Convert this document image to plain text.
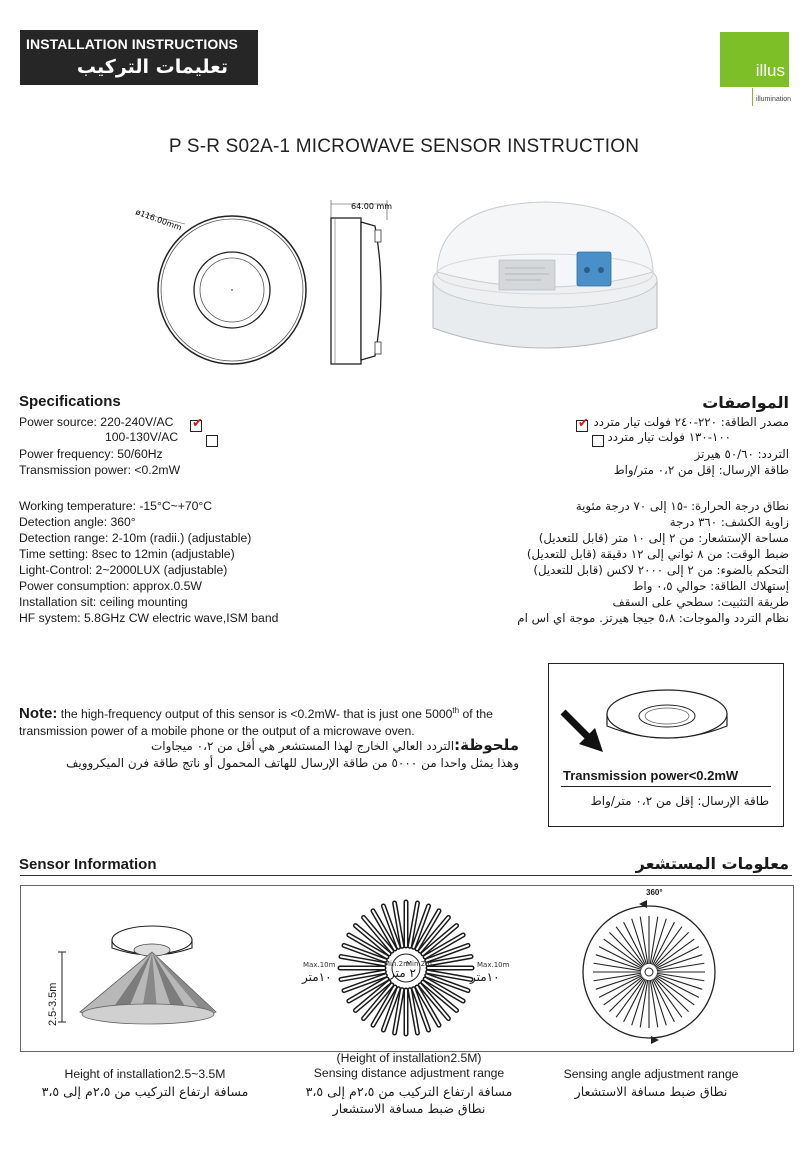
INSTALLATION INSTRUCTIONS
تعليمات التركيب	illus
illumination
P S-R S02A-1 MICROWAVE SENSOR INSTRUCTION
ø116.00mm
64.00 mm
Specifications
Power source: 220-240V/AC ✔

100-130V/AC

Power frequency: 50/60Hz
Transmission power: <0.2mW
Working temperature: -15°C~+70°C
Detection angle: 360°
Detection range: 2-10m (radii.) (adjustable)
Time setting: 8sec to 12min (adjustable)
Light-Control: 2~2000LUX (adjustable)
Power consumption: approx.0.5W
Installation sit: ceiling mounting
HF system: 5.8GHz CW electric wave,ISM band
المواصفات
✔
مصدر الطاقة: ٢٢٠-٢٤٠ فولت تيار متردد
١٠٠-١٣٠ فولت تيار متردد
التردد: ٥٠/٦٠ هيرتز
طاقة الإرسال: إقل من ٠،٢ متر/واط
نطاق درجة الحرارة: -١٥ إلى ٧٠ درجة مئوية
زاوية الكشف: ٣٦٠ درجة
مساحة الإستشعار: من ٢ إلى ١٠ متر (قابل للتعديل)
ضبط الوقت: من ٨ ثواني إلى ١٢ دقيقة (قابل للتعديل)
التحكم بالضوء: من ٢ إلى ٢٠٠٠ لاكس (قابل للتعديل)
إستهلاك الطاقة: حوالي ٠،٥ واط
طريقة التثبيت: سطحي على السقف
نظام التردد والموجات: ٥،٨ جيجا هيرتز. موجة اي اس ام
Note: the high-frequency output of this sensor is <0.2mW- that is just one 5000th of the transmission power of a mobile phone or the output of a microwave oven.
ملحوظة:التردد العالي الخارج لهذا المستشعر هي أقل من ٠،٢ ميجاوات
وهذا يمثل واحدا من ٥٠٠٠ من طاقة الإرسال للهاتف المحمول أو ناتج طاقة فرن الميكروويف
Transmission power<0.2mW
طاقة الإرسال: إقل من ٠،٢ متر/واط
Sensor Information	معلومات المستشعر
2.5-3.5m
Max.10m	Max.10m
Min.2m
Min.2m
١٠متر	١٠متر
٢ متر
360°
Height of installation2.5~3.5M
مسافة ارتفاع التركيب من ٢،٥م إلى ٣،٥
(Height of installation2.5M)
Sensing distance adjustment range
مسافة ارتفاع التركيب من ٢،٥م إلى ٣،٥
نطاق ضبط مسافة الاستشعار
Sensing angle adjustment range
نطاق ضبط مسافة الاستشعار
